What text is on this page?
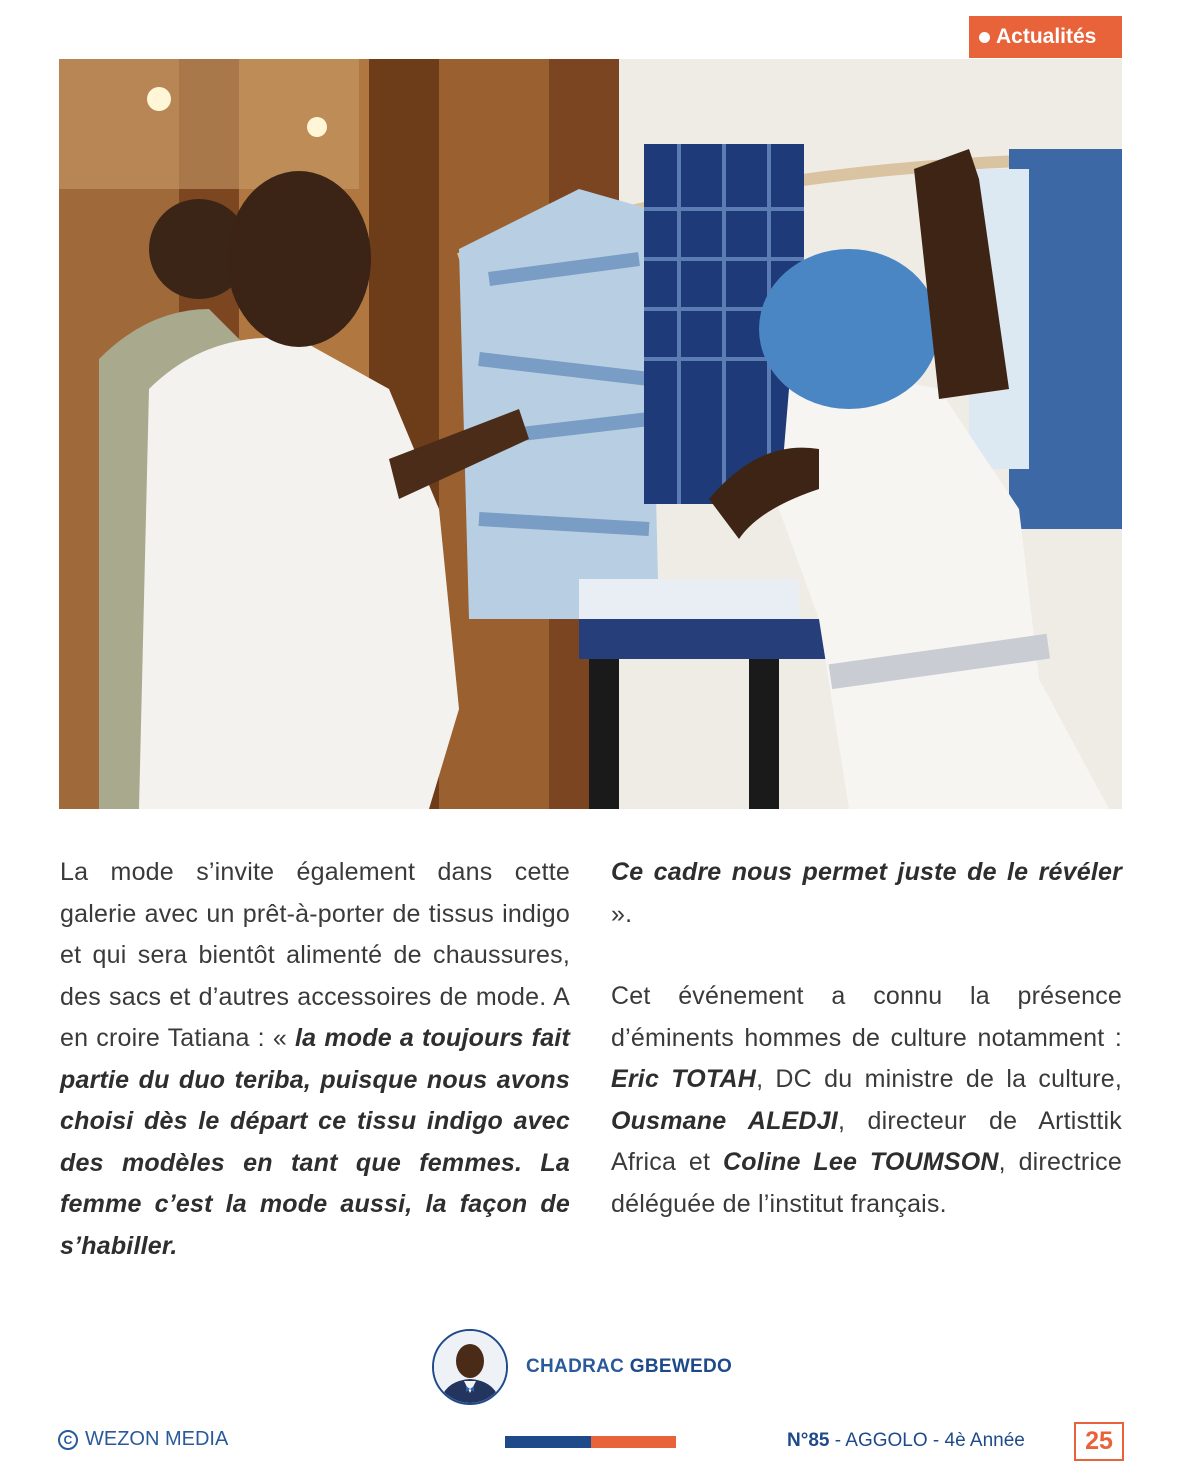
Actualités

La mode s’invite également dans cette galerie avec un prêt-à-porter de tissus indigo et qui sera bientôt alimenté de chaussures, des sacs et d’autres accessoires de mode. A en croire Tatiana : « la mode a toujours fait partie du duo teriba, puisque nous avons choisi dès le départ ce tissu indigo avec des modèles en tant que femmes. La femme c’est la mode aussi, la façon de s’habiller.

Ce cadre nous permet juste de le révéler ».

Cet événement a connu la présence d’éminents hommes de culture notamment : Eric TOTAH, DC du ministre de la culture, Ousmane ALEDJI, directeur de Artisttik Africa et Coline Lee TOUMSON, directrice déléguée de l’institut français.

CHADRAC GBEWEDO
C WEZON MEDIA	N°85 - AGGOLO - 4è Année	25
